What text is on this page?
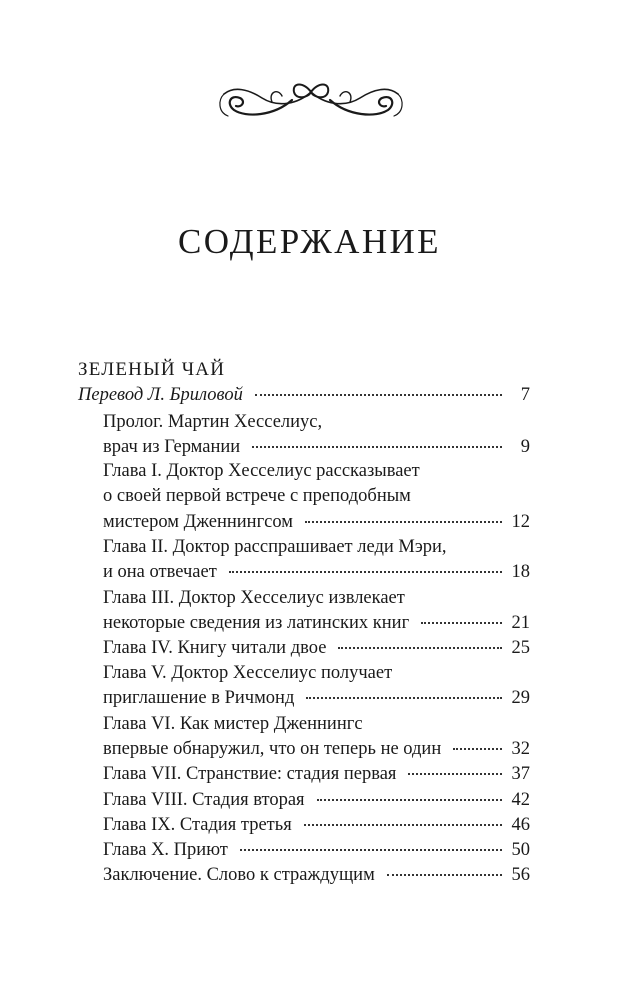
СОДЕРЖАНИЕ
ЗЕЛЕНЫЙ ЧАЙ
Перевод Л. Бриловой	7
Пролог. Мартин Хесселиус,
врач из Германии	9
Глава I. Доктор Хесселиус рассказывает
о своей первой встрече с преподобным
мистером Дженнингсом	12
Глава II. Доктор расспрашивает леди Мэри,
и она отвечает	18
Глава III. Доктор Хесселиус извлекает
некоторые сведения из латинских книг	21
Глава IV. Книгу читали двое	25
Глава V. Доктор Хесселиус получает
приглашение в Ричмонд	29
Глава VI. Как мистер Дженнингс
впервые обнаружил, что он теперь не один	32
Глава VII. Странствие: стадия первая	37
Глава VIII. Стадия вторая	42
Глава IX. Стадия третья	46
Глава X. Приют	50
Заключение. Слово к страждущим	56
